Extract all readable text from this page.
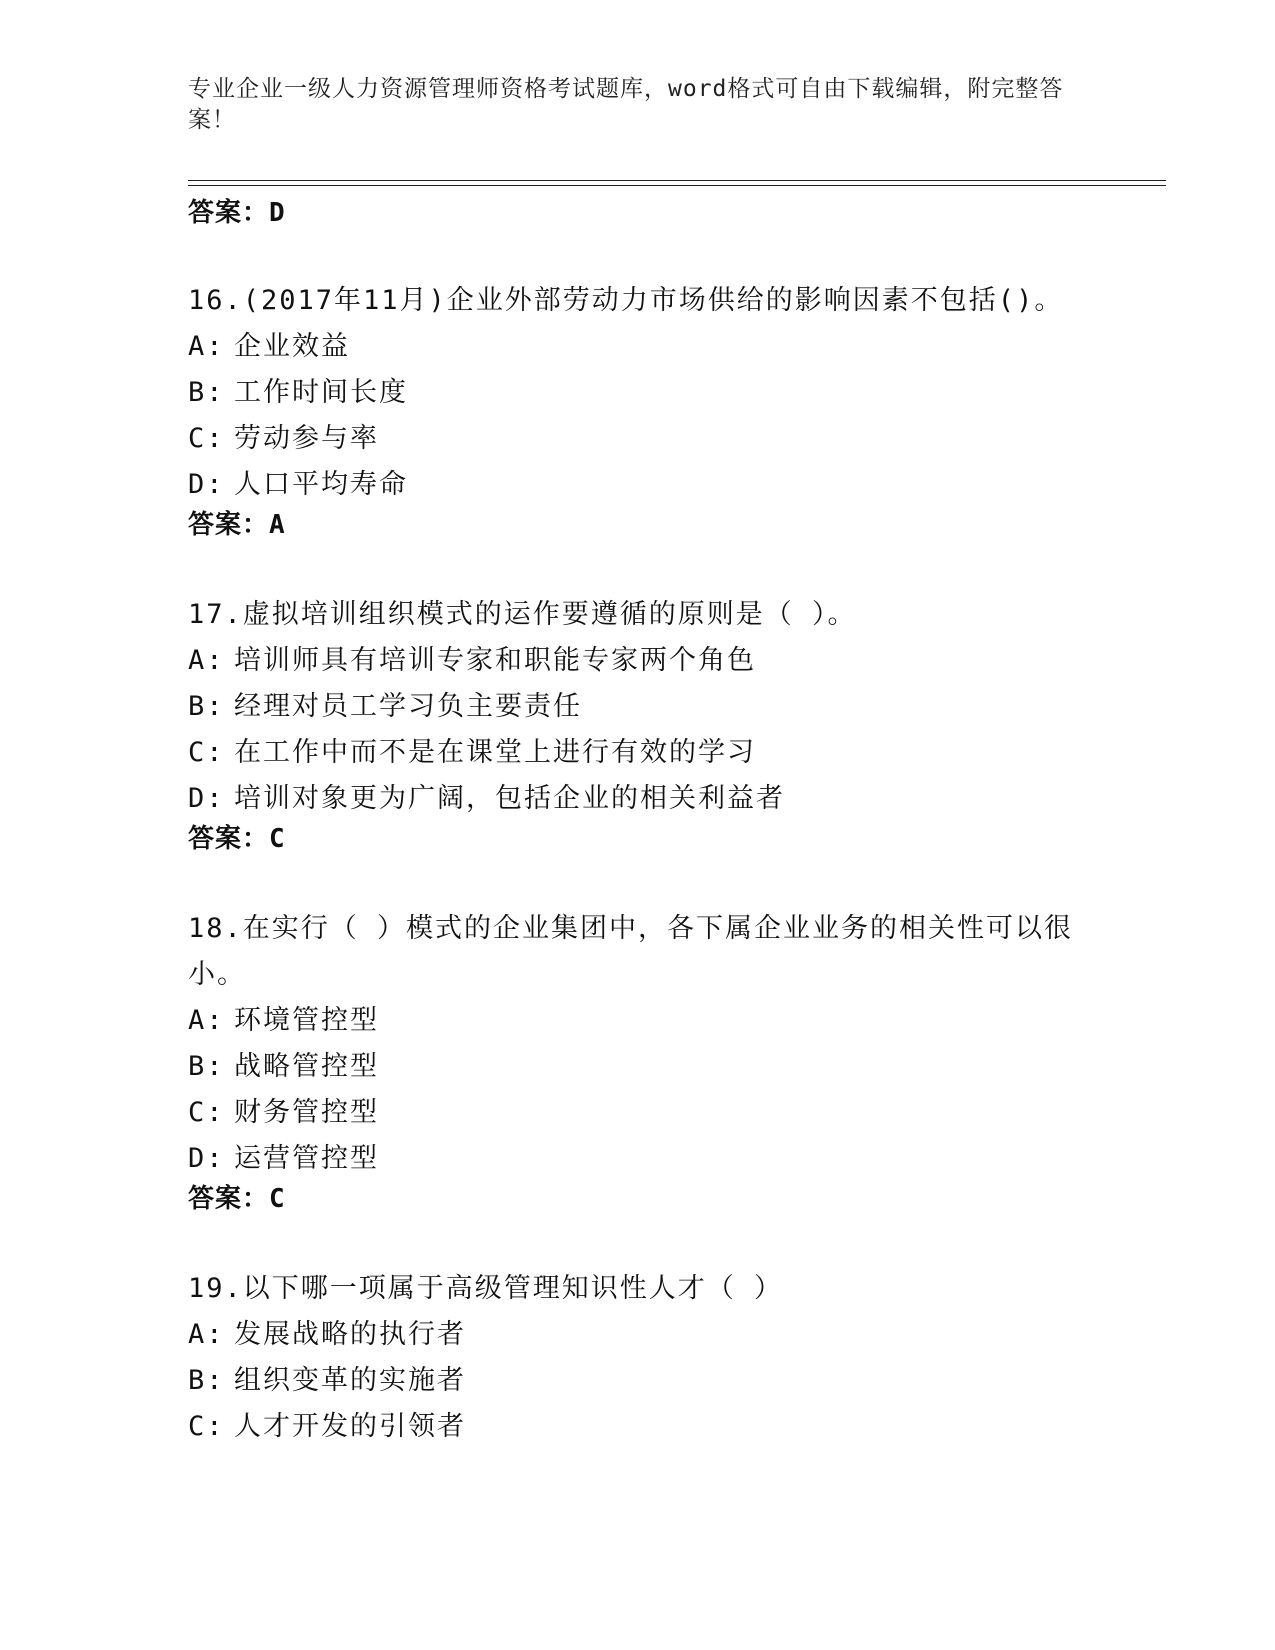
专业企业一级人力资源管理师资格考试题库，word格式可自由下载编辑，附完整答案！

答案：D

16.(2017年11月)企业外部劳动力市场供给的影响因素不包括()。

A: 企业效益

B: 工作时间长度

C: 劳动参与率

D: 人口平均寿命

答案：A

17.虚拟培训组织模式的运作要遵循的原则是（ ）。

A: 培训师具有培训专家和职能专家两个角色

B: 经理对员工学习负主要责任

C: 在工作中而不是在课堂上进行有效的学习

D: 培训对象更为广阔，包括企业的相关利益者

答案：C

18.在实行（ ）模式的企业集团中，各下属企业业务的相关性可以很小。

A: 环境管控型

B: 战略管控型

C: 财务管控型

D: 运营管控型

答案：C

19.以下哪一项属于高级管理知识性人才（ ）

A: 发展战略的执行者

B: 组织变革的实施者

C: 人才开发的引领者
